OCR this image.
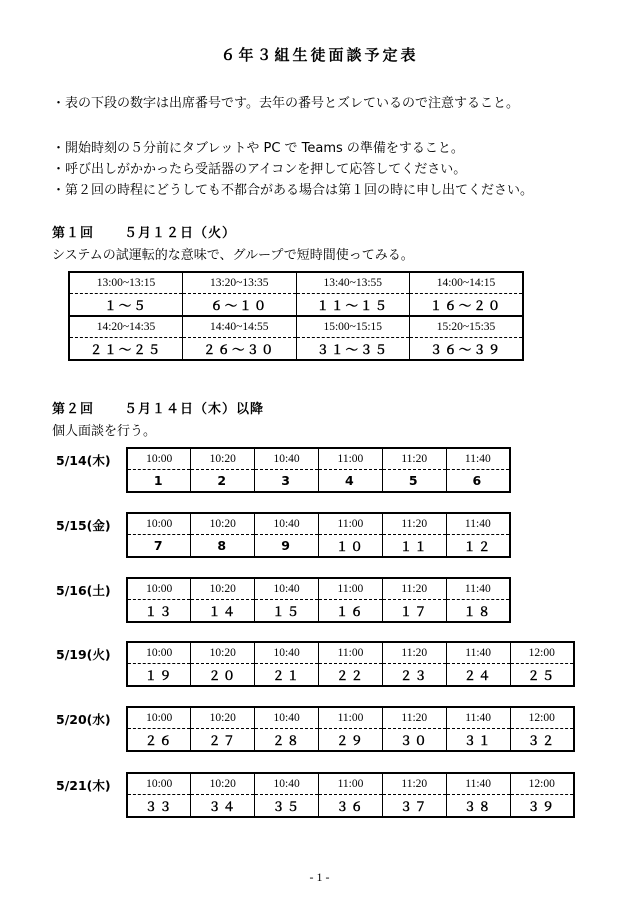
６年３組生徒面談予定表
・表の下段の数字は出席番号です。去年の番号とズレているので注意すること。
・開始時刻の５分前にタブレットや PC で Teams の準備をすること。
・呼び出しがかかったら受話器のアイコンを押して応答してください。
・第２回の時程にどうしても不都合がある場合は第１回の時に申し出てください。
第１回 ５月１２日（火）
システムの試運転的な意味で、グループで短時間使ってみる。
13:00~13:15	13:20~13:35	13:40~13:55	14:00~14:15
１～５	６～１０	１１～１５	１６～２０
14:20~14:35	14:40~14:55	15:00~15:15	15:20~15:35
２１～２５	２６～３０	３１～３５	３６～３９
第２回 ５月１４日（木）以降
個人面談を行う。
5/14(木)	10:00	10:20	10:40	11:00	11:20	11:40
1	2	3	4	5	6
5/15(金)	10:00	10:20	10:40	11:00	11:20	11:40
7	8	9	１０	１１	１２
5/16(土)	10:00	10:20	10:40	11:00	11:20	11:40
１３	１４	１５	１６	１７	１８
5/19(火)	10:00	10:20	10:40	11:00	11:20	11:40	12:00
１９	２０	２１	２２	２３	２４	２５
5/20(水)	10:00	10:20	10:40	11:00	11:20	11:40	12:00
２６	２７	２８	２９	３０	３１	３２
5/21(木)	10:00	10:20	10:40	11:00	11:20	11:40	12:00
３３	３４	３５	３６	３７	３８	３９
- 1 -
